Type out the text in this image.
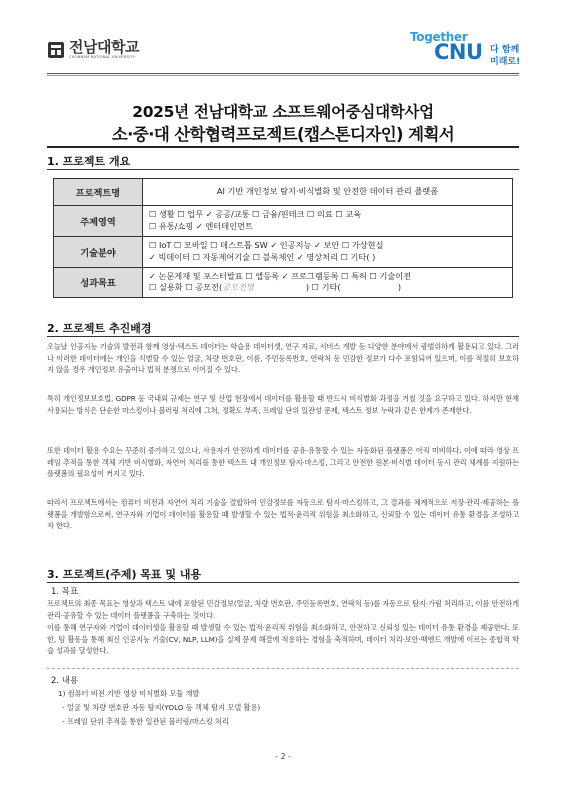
전남대학교
CHONNAM NATIONAL UNIVERSITY
Together
CNU 다 함께
미래로!
2025년 전남대학교 소프트웨어중심대학사업
소·중·대 산학협력프로젝트(캡스톤디자인) 계획서
1. 프로젝트 개요
프로젝트명	AI 기반 개인정보 탐지·비식별화 및 안전한 데이터 관리 플랫폼
주제영역	☐ 생활 ☐ 업무 ✓ 공공/교통 ☐ 금융/핀테크 ☐ 의료 ☐ 교육
☐ 유통/쇼핑 ✓ 엔터테인먼트

기술분야	☐ IoT ☐ 모바일 ☐ 데스트톱 SW ✓ 인공지능 ✓ 보안 ☐ 가상현실
✓ 빅데이터 ☐ 자동제어기술 ☐ 블록체인 ✓ 영상처리 ☐ 기타( )

성과목표	✓ 논문게재 및 포스터발표 ☐ 앱등록 ✓ 프로그램등록 ☐ 특허 ☐ 기술이전
☐ 실용화 ☐ 공모전(공모전명                    ) ☐ 기타(                      )
2. 프로젝트 추진배경
오늘날 인공지능 기술의 발전과 함께 영상·텍스트 데이터는 학습용 데이터셋, 연구 자료, 서비스 개발 등 다양한 분야에서 광범위하게 활용되고 있다. 그러나 이러한 데이터에는 개인을 식별할 수 있는 얼굴, 차량 번호판, 이름, 주민등록번호, 연락처 등 민감한 정보가 다수 포함되어 있으며, 이를 적절히 보호하지 않을 경우 개인정보 유출이나 법적 분쟁으로 이어질 수 있다.
특히 개인정보보호법, GDPR 등 국내외 규제는 연구 및 산업 현장에서 데이터를 활용할 때 반드시 비식별화 과정을 거칠 것을 요구하고 있다. 하지만 현재 사용되는 방식은 단순한 마스킹이나 블러링 처리에 그쳐, 정확도 부족, 프레임 단위 일관성 문제, 텍스트 정보 누락과 같은 한계가 존재한다.
또한 데이터 활용 수요는 꾸준히 증가하고 있으나, 사용자가 안전하게 데이터를 공유·유통할 수 있는 자동화된 플랫폼은 아직 미비하다. 이에 따라 영상 프레임 추적을 통한 객체 기반 비식별화, 자연어 처리를 통한 텍스트 내 개인정보 탐지·마스킹, 그리고 안전한 원본·비식별 데이터 동시 관리 체계를 지원하는 플랫폼의 필요성이 커지고 있다.
따라서 프로젝트에서는 컴퓨터 비전과 자연어 처리 기술을 결합하여 민감정보를 자동으로 탐지·마스킹하고, 그 결과를 체계적으로 저장·관리·제공하는 플랫폼을 개발함으로써, 연구자와 기업이 데이터를 활용할 때 발생할 수 있는 법적·윤리적 위험을 최소화하고, 신뢰할 수 있는 데이터 유통 환경을 조성하고자 한다.
3. 프로젝트(주제) 목표 및 내용
1. 목표
프로젝트의 최종 목표는 영상과 텍스트 내에 포함된 민감정보(얼굴, 차량 번호판, 주민등록번호, 연락처 등)를 자동으로 탐지·가림 처리하고, 이를 안전하게 관리·공유할 수 있는 데이터 플랫폼을 구축하는 것이다.
이를 통해 연구자와 기업이 데이터셋을 활용할 때 발생할 수 있는 법적·윤리적 위험을 최소화하고, 안전하고 신뢰성 있는 데이터 유통 환경을 제공한다. 또한, 팀 활동을 통해 최신 인공지능 기술(CV, NLP, LLM)을 실제 문제 해결에 적용하는 경험을 축적하며, 데이터 처리·보안·백엔드 개발에 이르는 종합적 학습 성과를 달성한다.
2. 내용
1) 컴퓨터 비전 기반 영상 비식별화 모듈 개발
- 얼굴 및 차량 번호판 자동 탐지(YOLO 등 객체 탐지 모델 활용)
- 프레임 단위 추적을 통한 일관된 블러링/마스킹 처리
- 2 -
